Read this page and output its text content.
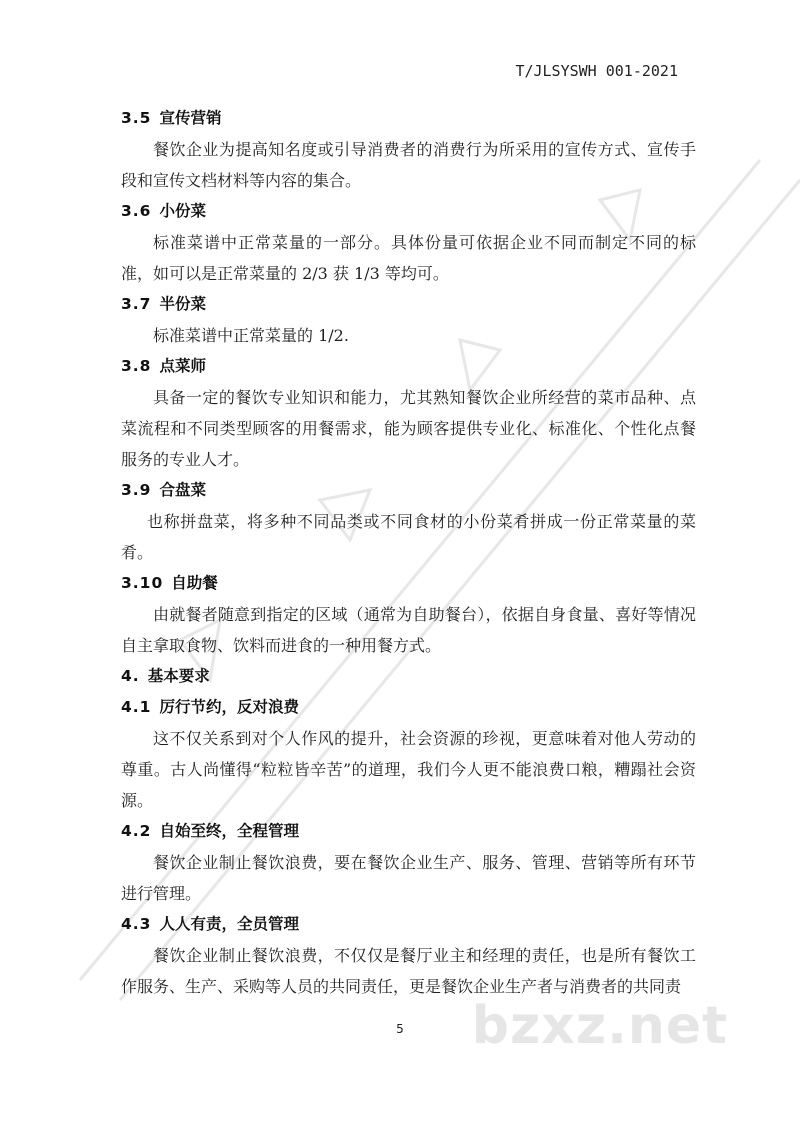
T/JLSYSWH 001-2021
3.5 宣传营销

餐饮企业为提高知名度或引导消费者的消费行为所采用的宣传方式、宣传手段和宣传文档材料等内容的集合。

3.6 小份菜

标准菜谱中正常菜量的一部分。具体份量可依据企业不同而制定不同的标准，如可以是正常菜量的 2/3 获 1/3 等均可。

3.7 半份菜

标准菜谱中正常菜量的 1/2.

3.8 点菜师

具备一定的餐饮专业知识和能力，尤其熟知餐饮企业所经营的菜市品种、点菜流程和不同类型顾客的用餐需求，能为顾客提供专业化、标准化、个性化点餐服务的专业人才。

3.9 合盘菜

也称拼盘菜，将多种不同品类或不同食材的小份菜肴拼成一份正常菜量的菜肴。

3.10 自助餐

由就餐者随意到指定的区域（通常为自助餐台），依据自身食量、喜好等情况自主拿取食物、饮料而进食的一种用餐方式。

4. 基本要求
4.1 厉行节约，反对浪费

这不仅关系到对个人作风的提升，社会资源的珍视，更意味着对他人劳动的尊重。古人尚懂得“粒粒皆辛苦”的道理，我们今人更不能浪费口粮，糟蹋社会资源。

4.2 自始至终，全程管理

餐饮企业制止餐饮浪费，要在餐饮企业生产、服务、管理、营销等所有环节进行管理。

4.3 人人有责，全员管理

餐饮企业制止餐饮浪费，不仅仅是餐厅业主和经理的责任，也是所有餐饮工作服务、生产、采购等人员的共同责任，更是餐饮企业生产者与消费者的共同责

bzxz.net
5
